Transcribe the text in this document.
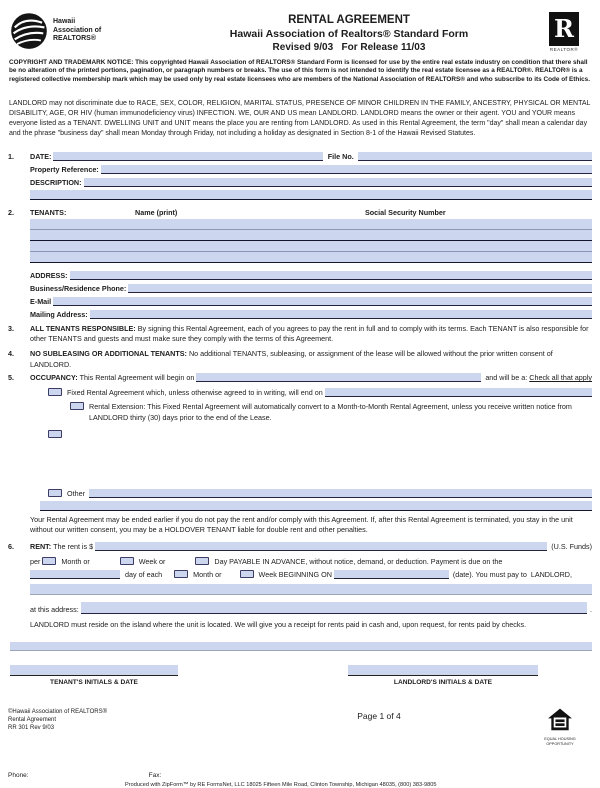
Hawaii
Association of
REALTORS®
RENTAL AGREEMENT
Hawaii Association of Realtors® Standard Form
Revised 9/03   For Release 11/03
R
REALTOR®

COPYRIGHT AND TRADEMARK NOTICE: This copyrighted Hawaii Association of REALTORS® Standard Form is licensed for use by the entire real estate industry on condition that there shall be no alteration of the printed portions, pagination, or paragraph numbers or breaks. The use of this form is not intended to identify the real estate licensee as a REALTOR®. REALTOR® is a registered collective membership mark which may be used only by real estate licensees who are members of the National Association of REALTORS® and who subscribe to its Code of Ethics.

LANDLORD may not discriminate due to RACE, SEX, COLOR, RELIGION, MARITAL STATUS, PRESENCE OF MINOR CHILDREN IN THE FAMILY, ANCESTRY, PHYSICAL OR MENTAL DISABILITY, AGE, OR HIV (human immunodeficiency virus) INFECTION. WE, OUR AND US mean LANDLORD. LANDLORD means the owner or their agent. YOU and YOUR means everyone listed as a TENANT. DWELLING UNIT and UNIT means the place you are renting from LANDLORD. As used in this Rental Agreement, the term "day" shall mean a calendar day and the phrase "business day" shall mean Monday through Friday, not including a holiday as designated in Section 8-1 of the Hawaii Revised Statutes.

1.	DATE:
	File No.
Property Reference:

DESCRIPTION:

2.	TENANTS:	Name (print)	Social Security Number
ADDRESS:

Business/Residence Phone:

E-Mail

Mailing Address:

3.	ALL TENANTS RESPONSIBLE: By signing this Rental Agreement, each of you agrees to pay the rent in full and to comply with its terms. Each TENANT is also responsible for other TENANTS and guests and must make sure they comply with the terms of this Agreement.
4.	NO SUBLEASING OR ADDITIONAL TENANTS: No additional TENANTS, subleasing, or assignment of the lease will be allowed without the prior written consent of LANDLORD.
5.	OCCUPANCY:
This Rental Agreement will begin on
	and will be a:
Check all that apply
Fixed Rental Agreement which, unless otherwise agreed to in writing, will end on

Rental Extension: This Fixed Rental Agreement will automatically convert to a Month-to-Month Rental Agreement, unless you receive written notice from LANDLORD thirty (30) days prior to the end of the Lease.
Other

Your Rental Agreement may be ended earlier if you do not pay the rent and/or comply with this Agreement. If, after this Rental Agreement is terminated, you stay in the unit without our written consent, you may be a HOLDOVER TENANT liable for double rent and other penalties.

6.	RENT:
The rent is $
	(U.S. Funds)
per
	Month or	Week or	Day PAYABLE IN ADVANCE, without notice, demand, or deduction. Payment is due on the
day of each	Month or	Week BEGINNING ON
	(date). You must pay to  LANDLORD,
at this address:
	.

LANDLORD must reside on the island where the unit is located. We will give you a receipt for rents paid in cash and, upon request, for rents paid by checks.

TENANT'S INITIALS & DATE	LANDLORD'S INITIALS & DATE
©Hawaii Association of REALTORS®
Rental Agreement
RR 301 Rev 9/03
Page 1 of 4
EQUAL HOUSING
OPPORTUNITY
Phone:	Fax:
Produced with ZipForm™ by RE FormsNet, LLC 18025 Fifteen Mile Road, Clinton Township, Michigan 48035, (800) 383-9805
